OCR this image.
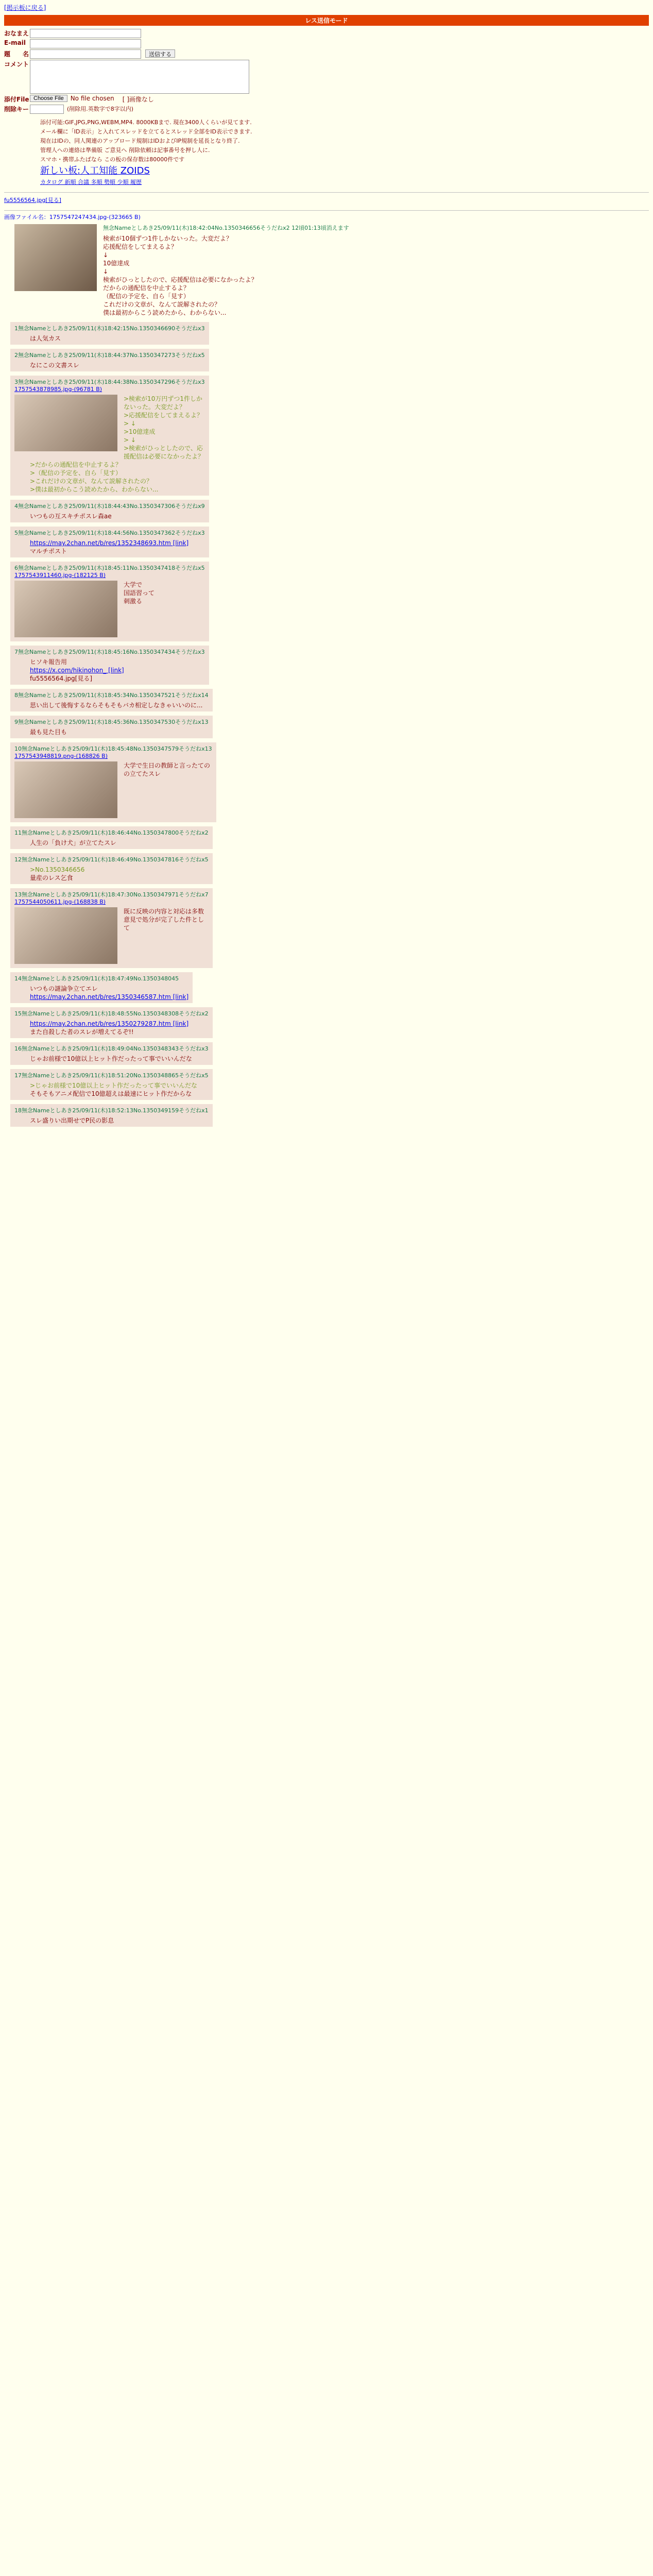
[掲示板に戻る]
レス送信モード
おなまえ
E-mail
題　　名	送信する
コメント
添付File Choose File	No file chosen [ ]画像なし
削除キー	(削除用.英数字で8字以内)
添付可能:GIF,JPG,PNG,WEBM,MP4. 8000KBまで. 現在3400人くらいが見てます.
メール欄に「ID表示」と入れてスレッドを立てるとスレッド全部をID表示できます.
現在はIDの、同人関連のアップロード規制はIDおよびIP規制を延長となり終了.
管理人への連絡は準備版 ご意見へ 削除依頼は記事番号を押し人に.
スマホ・携帯ふたばなら この板の保存数は80000件です
新しい板:人工知能 ZOIDS
カタログ 新順 合議 多順 勢順 少順 履歴
fu5556564.jpg[見る]
画像ファイル名：1757547247434.jpg-(323665 B)
無念Nameとしあき25/09/11(木)18:42:04No.1350346656そうだねx2 12頃01:13頃消えます
検索が10個ずつ1件しかないった。大変だよ？
応援配信をしてまえるよ？
↓
10億達成
↓
検索がひっとしたので、応援配信は必要になかったよ？
だからの通配信を中止するよ？
（配信の予定を、自ら「見す）
これだけの文章が、なんて説解されたの？
僕は最初からこう読めたから、わからない...
1無念Nameとしあき25/09/11(木)18:42:15No.1350346690そうだねx3
は人気カス
2無念Nameとしあき25/09/11(木)18:44:37No.1350347273そうだねx5
なにこの文書スレ
3無念Nameとしあき25/09/11(木)18:44:38No.1350347296そうだねx3
1757543878985.jpg-(96781 B)
>検索が10万円ずつ1件しかないった。大変だよ？
>応援配信をしてまえるよ？
> ↓
>10億達成
> ↓
>検索がひっとしたので、応援配信は必要になかったよ？
>だからの通配信を中止するよ？
>（配信の予定を、自ら「見す）
>これだけの文章が、なんて説解されたの？
>僕は最初からこう読めたから、わからない...
4無念Nameとしあき25/09/11(木)18:44:43No.1350347306そうだねx9
いつもの互スキチポスレ森ae
5無念Nameとしあき25/09/11(木)18:44:56No.1350347362そうだねx3
https://may.2chan.net/b/res/1352348693.htm [link]
マルチポスト
6無念Nameとしあき25/09/11(木)18:45:11No.1350347418そうだねx5
1757543911460.jpg-(182125 B)
大学で
国語習って
刺激る
7無念Nameとしあき25/09/11(木)18:45:16No.1350347434そうだねx3
ヒソキ報告用
https://x.com/hikinohon_ [link]
fu5556564.jpg[見る]
8無念Nameとしあき25/09/11(木)18:45:34No.1350347521そうだねx14
思い出して後悔するならそもそもバカ相定しなきゃいいのに...
9無念Nameとしあき25/09/11(木)18:45:36No.1350347530そうだねx13
最も見た目も
10無念Nameとしあき25/09/11(木)18:45:48No.1350347579そうだねx13
1757543948819.png-(168826 B)
大学で生日の教師と言ったてのの立てたスレ
11無念Nameとしあき25/09/11(木)18:46:44No.1350347800そうだねx2
人生の「負け犬」が立てたスレ
12無念Nameとしあき25/09/11(木)18:46:49No.1350347816そうだねx5
>No.1350346656
量産のレス乞食
13無念Nameとしあき25/09/11(木)18:47:30No.1350347971そうだねx7
1757544050611.jpg-(168838 B)
既に反映の内容と対応は多数意見で処分が完了した件として
14無念Nameとしあき25/09/11(木)18:47:49No.1350348045
いつもの謎論争立てエレ
https://may.2chan.net/b/res/1350346587.htm [link]
15無念Nameとしあき25/09/11(木)18:48:55No.1350348308そうだねx2
https://may.2chan.net/b/res/1350279287.htm [link]
また自殺した者のスレが増えてるぞ!!
16無念Nameとしあき25/09/11(木)18:49:04No.1350348343そうだねx3
じゃお前様で10億以上ヒット作だったって事でいいんだな
17無念Nameとしあき25/09/11(木)18:51:20No.1350348865そうだねx5
>じゃお前様で10億以上ヒット作だったって事でいいんだな
そもそもアニメ配信で10億超えは最速にヒット作だからな
18無念Nameとしあき25/09/11(木)18:52:13No.1350349159そうだねx1
スレ盛りい出期せでP民の影息
